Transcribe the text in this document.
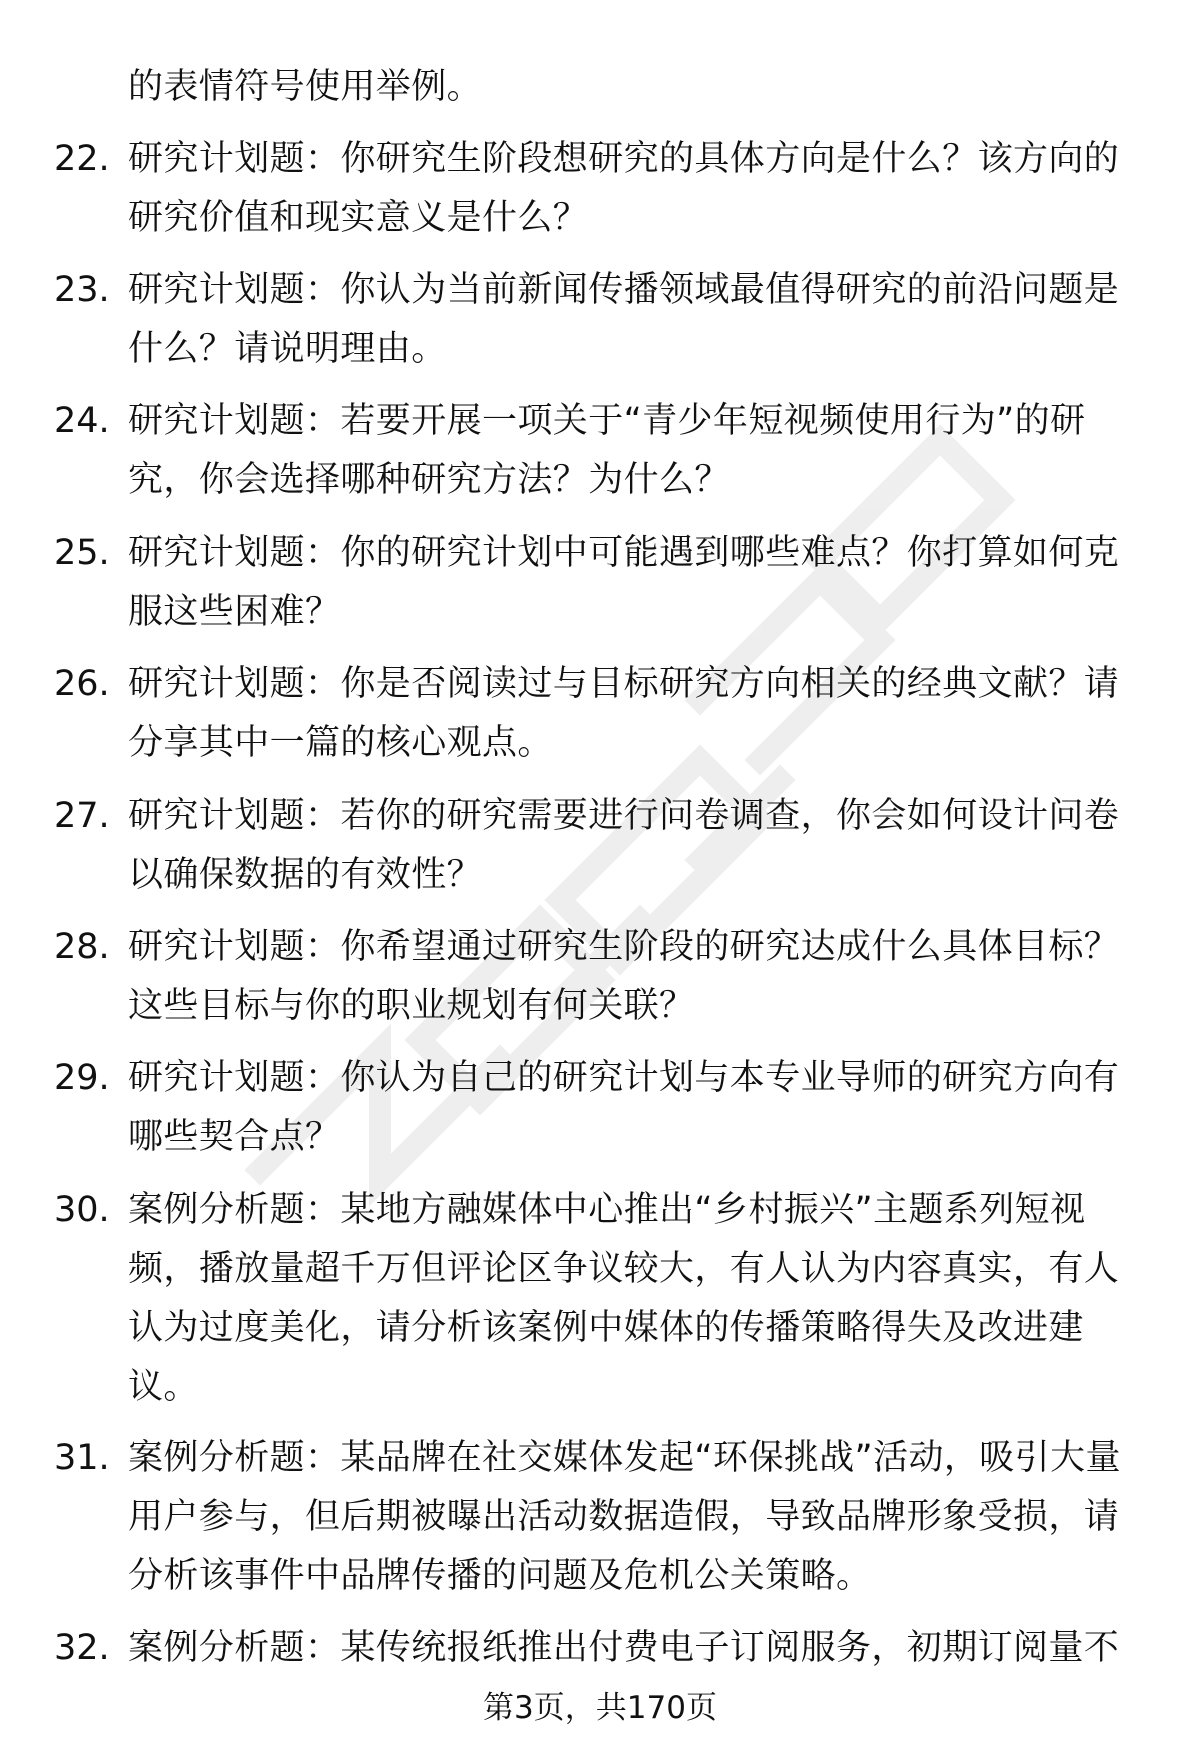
的表情符号使用举例。
22. 研究计划题：你研究生阶段想研究的具体方向是什么？该方向的研究价值和现实意义是什么？
23. 研究计划题：你认为当前新闻传播领域最值得研究的前沿问题是什么？请说明理由。
24. 研究计划题：若要开展一项关于“青少年短视频使用行为”的研究，你会选择哪种研究方法？为什么？
25. 研究计划题：你的研究计划中可能遇到哪些难点？你打算如何克服这些困难？
26. 研究计划题：你是否阅读过与目标研究方向相关的经典文献？请分享其中一篇的核心观点。
27. 研究计划题：若你的研究需要进行问卷调查，你会如何设计问卷以确保数据的有效性？
28. 研究计划题：你希望通过研究生阶段的研究达成什么具体目标？这些目标与你的职业规划有何关联？
29. 研究计划题：你认为自己的研究计划与本专业导师的研究方向有哪些契合点？
30. 案例分析题：某地方融媒体中心推出“乡村振兴”主题系列短视频，播放量超千万但评论区争议较大，有人认为内容真实，有人认为过度美化，请分析该案例中媒体的传播策略得失及改进建议。
31. 案例分析题：某品牌在社交媒体发起“环保挑战”活动，吸引大量用户参与，但后期被曝出活动数据造假，导致品牌形象受损，请分析该事件中品牌传播的问题及危机公关策略。
32. 案例分析题：某传统报纸推出付费电子订阅服务，初期订阅量不
第3页，共170页
